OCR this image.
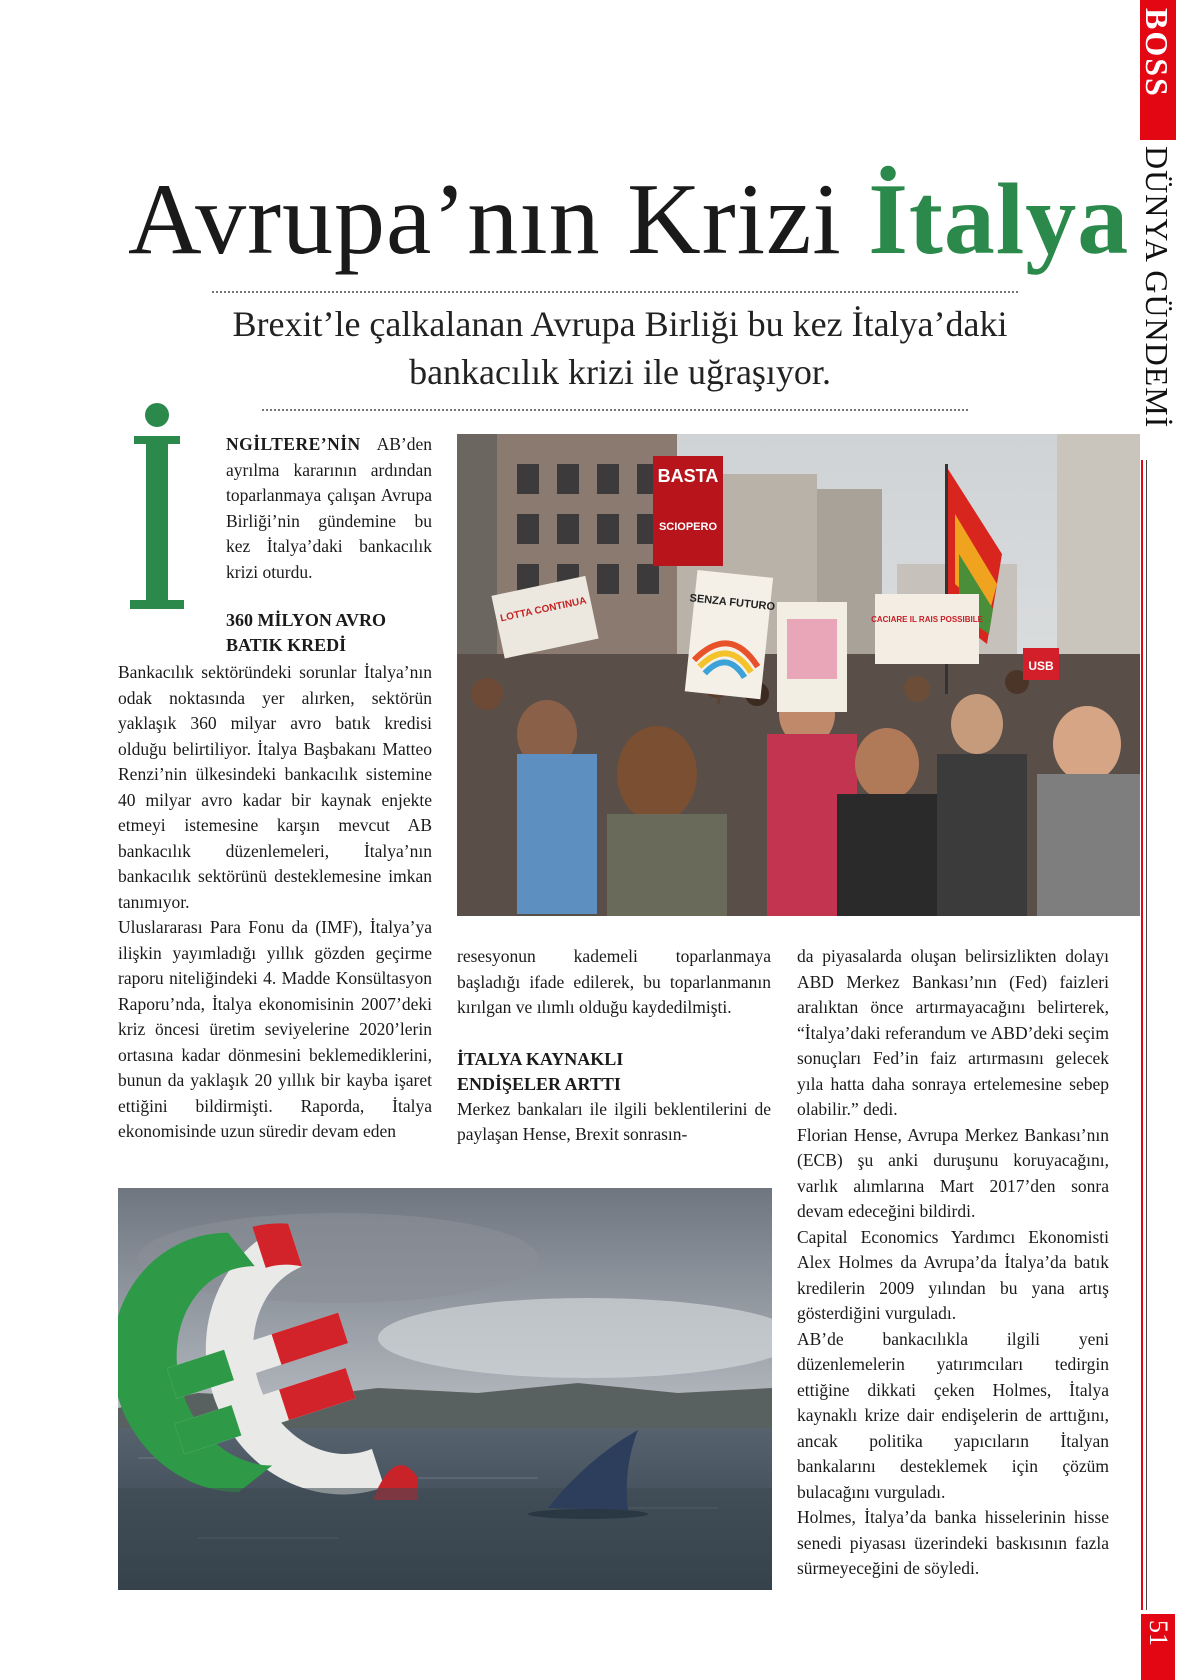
BOSS
DÜNYA GÜNDEMİ
51
Avrupa’nın Krizi İtalya
Brexit’le çalkalanan Avrupa Birliği bu kez İtalya’daki bankacılık krizi ile uğraşıyor.
NGİLTERE’NİN AB’den ayrılma kararının ardından toparlanmaya çalışan Avrupa Birliği’nin gündemine bu kez İtalya’daki bankacılık krizi oturdu.
360 MİLYON AVRO
BATIK KREDİ

Bankacılık sektöründeki sorunlar İtalya’nın odak noktasında yer alırken, sektörün yaklaşık 360 milyar avro batık kredisi olduğu belirtiliyor. İtalya Başbakanı Matteo Renzi’nin ülkesindeki bankacılık sistemine 40 milyar avro kadar bir kaynak enjekte etmeyi istemesine karşın mevcut AB bankacılık düzenlemeleri, İtalya’nın bankacılık sektörünü desteklemesine imkan tanımıyor.

Uluslararası Para Fonu da (IMF), İtalya’ya ilişkin yayımladığı yıllık gözden geçirme raporu niteliğindeki 4. Madde Konsültasyon Raporu’nda, İtalya ekonomisinin 2007’deki kriz öncesi üretim seviyelerine 2020’lerin ortasına kadar dönmesini beklemediklerini, bunun da yaklaşık 20 yıllık bir kayba işaret ettiğini bildirmişti. Raporda, İtalya ekonomisinde uzun süredir devam eden

BASTA
SCIOPERO
LOTTA CONTINUA	SENZA FUTURO
CACIARE IL RAIS POSSIBILE
USB

resesyonun kademeli toparlanmaya başladığı ifade edilerek, bu toparlanmanın kırılgan ve ılımlı olduğu kaydedilmişti.

İTALYA KAYNAKLI
ENDİŞELER ARTTI

Merkez bankaları ile ilgili beklentilerini de paylaşan Hense, Brexit sonrasın-

da piyasalarda oluşan belirsizlikten dolayı ABD Merkez Bankası’nın (Fed) faizleri aralıktan önce artırmayacağını belirterek, “İtalya’daki referandum ve ABD’deki seçim sonuçları Fed’in faiz artırmasını gelecek yıla hatta daha sonraya ertelemesine sebep olabilir.” dedi.

Florian Hense, Avrupa Merkez Bankası’nın (ECB) şu anki duruşunu koruyacağını, varlık alımlarına Mart 2017’den sonra devam edeceğini bildirdi.

Capital Economics Yardımcı Ekonomisti Alex Holmes da Avrupa’da İtalya’da batık kredilerin 2009 yılından bu yana artış gösterdiğini vurguladı.

AB’de bankacılıkla ilgili yeni düzenlemelerin yatırımcıları tedirgin ettiğine dikkati çeken Holmes, İtalya kaynaklı krize dair endişelerin de arttığını, ancak politika yapıcıların İtalyan bankalarını desteklemek için çözüm bulacağını vurguladı.

Holmes, İtalya’da banka hisselerinin hisse senedi piyasası üzerindeki baskısının fazla sürmeyeceğini de söyledi.
